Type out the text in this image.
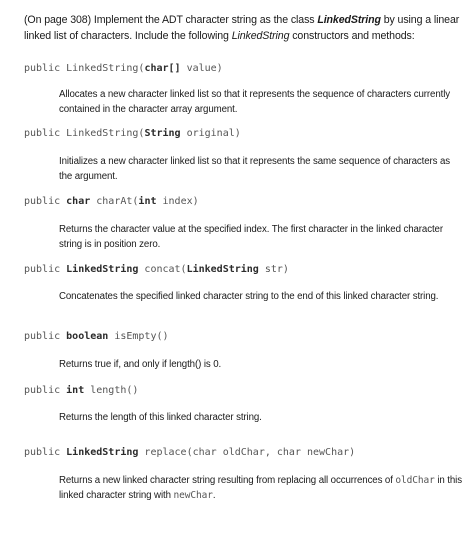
(On page 308) Implement the ADT character string as the class LinkedString by using a linear linked list of characters. Include the following LinkedString constructors and methods:
public LinkedString(char[] value)
Allocates a new character linked list so that it represents the sequence of characters currently contained in the character array argument.
public LinkedString(String original)
Initializes a new character linked list so that it represents the same sequence of characters as the argument.
public char charAt(int index)
Returns the character value at the specified index. The first character in the linked character string is in position zero.
public LinkedString concat(LinkedString str)
Concatenates the specified linked character string to the end of this linked character string.
public boolean isEmpty()
Returns true if, and only if length() is 0.
public int length()
Returns the length of this linked character string.
public LinkedString replace(char oldChar, char newChar)
Returns a new linked character string resulting from replacing all occurrences of oldChar in this linked character string with newChar.
